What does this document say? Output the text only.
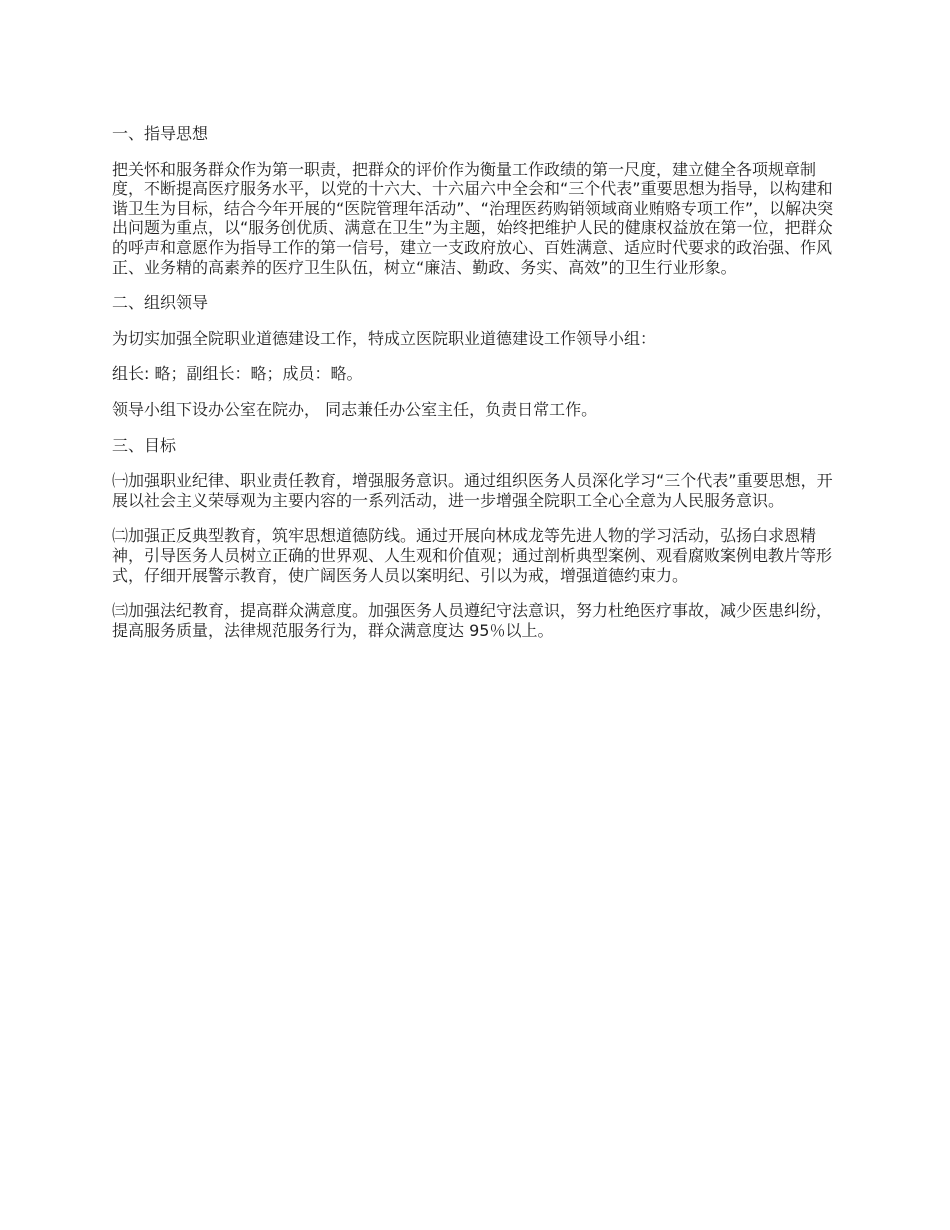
一、指导思想

把关怀和服务群众作为第一职责，把群众的评价作为衡量工作政绩的第一尺度，建立健全各项规章制度，不断提高医疗服务水平，以党的十六大、十六届六中全会和“三个代表”重要思想为指导，以构建和谐卫生为目标，结合今年开展的“医院管理年活动”、“治理医药购销领域商业贿赂专项工作”，以解决突出问题为重点，以“服务创优质、满意在卫生”为主题，始终把维护人民的健康权益放在第一位，把群众的呼声和意愿作为指导工作的第一信号，建立一支政府放心、百姓满意、适应时代要求的政治强、作风正、业务精的高素养的医疗卫生队伍，树立“廉洁、勤政、务实、高效”的卫生行业形象。

二、组织领导

为切实加强全院职业道德建设工作，特成立医院职业道德建设工作领导小组：

组长: 略；副组长：略；成员：略。

领导小组下设办公室在院办， 同志兼任办公室主任，负责日常工作。

三、目标

㈠加强职业纪律、职业责任教育，增强服务意识。通过组织医务人员深化学习“三个代表”重要思想，开展以社会主义荣辱观为主要内容的一系列活动，进一步增强全院职工全心全意为人民服务意识。

㈡加强正反典型教育，筑牢思想道德防线。通过开展向林成龙等先进人物的学习活动，弘扬白求恩精神，引导医务人员树立正确的世界观、人生观和价值观；通过剖析典型案例、观看腐败案例电教片等形式，仔细开展警示教育，使广阔医务人员以案明纪、引以为戒，增强道德约束力。

㈢加强法纪教育，提高群众满意度。加强医务人员遵纪守法意识，努力杜绝医疗事故，减少医患纠纷，提高服务质量，法律规范服务行为，群众满意度达 95％以上。
